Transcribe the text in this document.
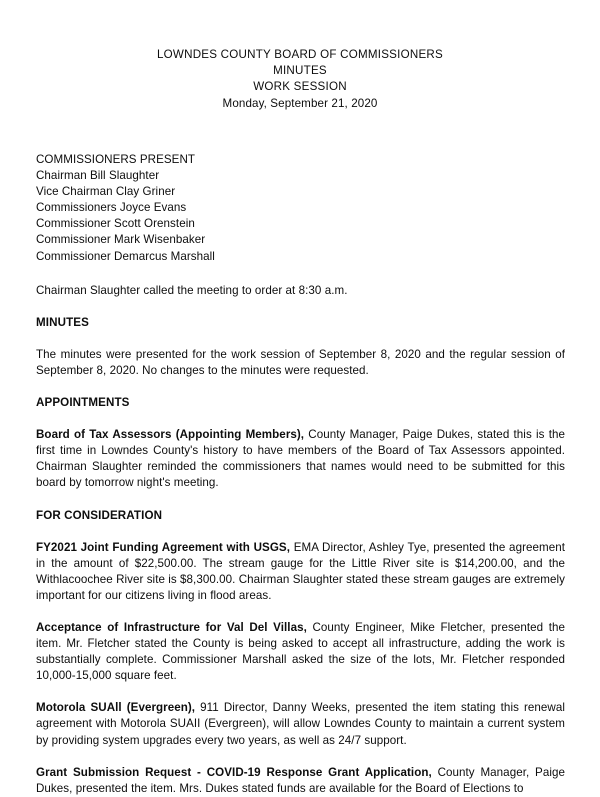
LOWNDES COUNTY BOARD OF COMMISSIONERS
MINUTES
WORK SESSION
Monday, September 21, 2020
COMMISSIONERS PRESENT
Chairman Bill Slaughter
Vice Chairman Clay Griner
Commissioners Joyce Evans
Commissioner Scott Orenstein
Commissioner Mark Wisenbaker
Commissioner Demarcus Marshall

Chairman Slaughter called the meeting to order at 8:30 a.m.

MINUTES

The minutes were presented for the work session of September 8, 2020 and the regular session of September 8, 2020. No changes to the minutes were requested.

APPOINTMENTS

Board of Tax Assessors (Appointing Members), County Manager, Paige Dukes, stated this is the first time in Lowndes County's history to have members of the Board of Tax Assessors appointed. Chairman Slaughter reminded the commissioners that names would need to be submitted for this board by tomorrow night's meeting.

FOR CONSIDERATION

FY2021 Joint Funding Agreement with USGS, EMA Director, Ashley Tye, presented the agreement in the amount of $22,500.00. The stream gauge for the Little River site is $14,200.00, and the Withlacoochee River site is $8,300.00. Chairman Slaughter stated these stream gauges are extremely important for our citizens living in flood areas.

Acceptance of Infrastructure for Val Del Villas, County Engineer, Mike Fletcher, presented the item. Mr. Fletcher stated the County is being asked to accept all infrastructure, adding the work is substantially complete. Commissioner Marshall asked the size of the lots, Mr. Fletcher responded 10,000-15,000 square feet.

Motorola SUAll (Evergreen), 911 Director, Danny Weeks, presented the item stating this renewal agreement with Motorola SUAII (Evergreen), will allow Lowndes County to maintain a current system by providing system upgrades every two years, as well as 24/7 support.

Grant Submission Request - COVID-19 Response Grant Application, County Manager, Paige Dukes, presented the item. Mrs. Dukes stated funds are available for the Board of Elections to
